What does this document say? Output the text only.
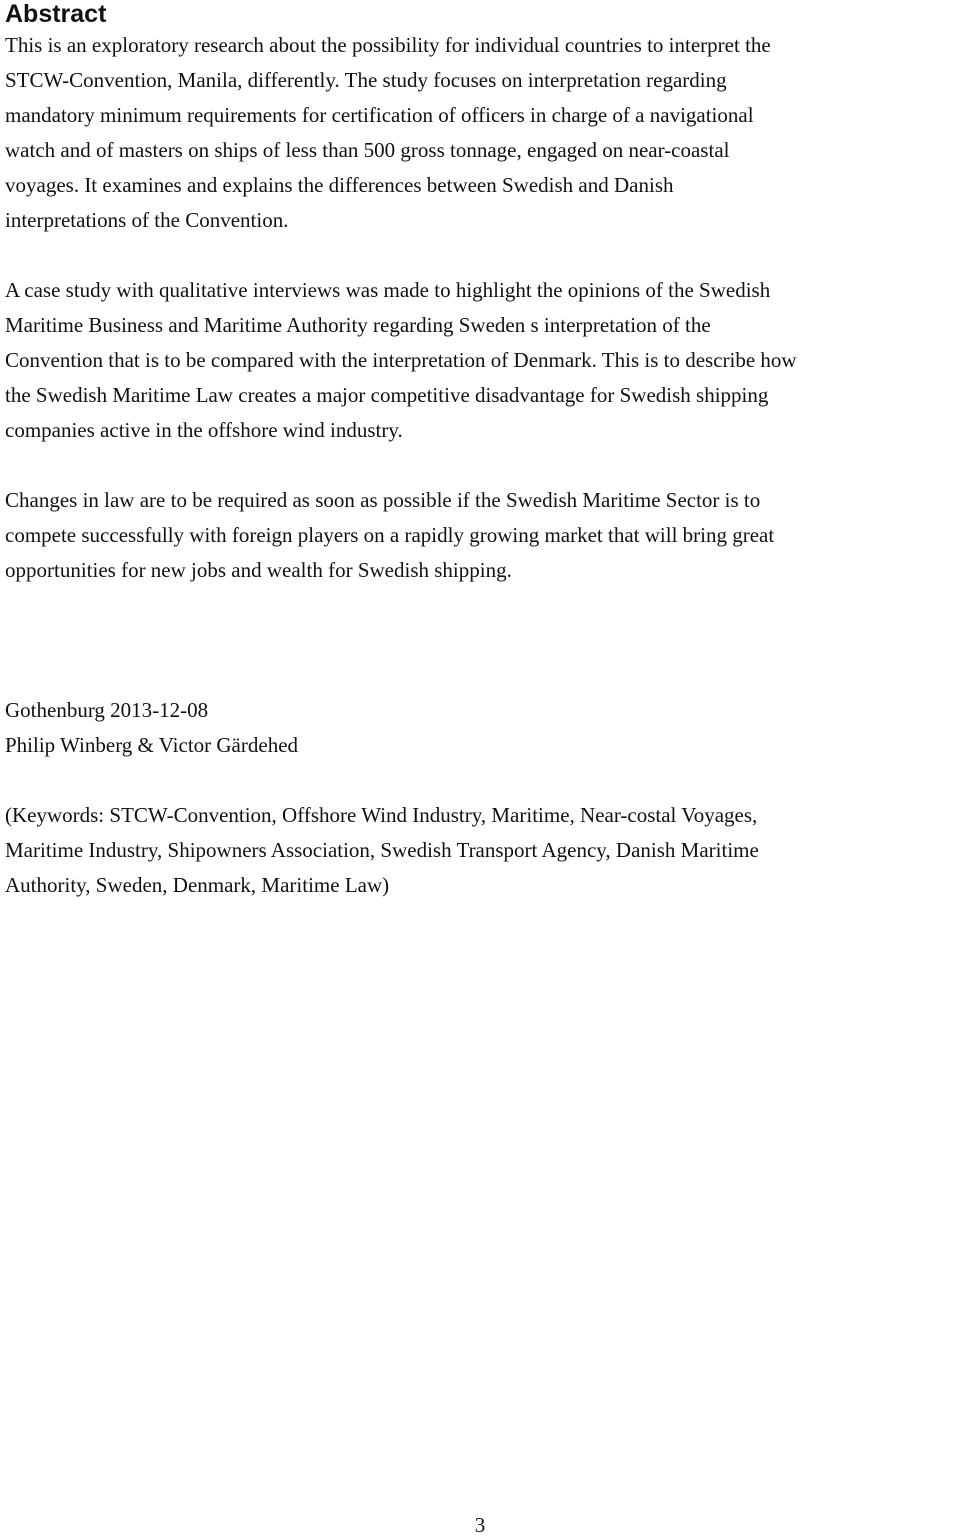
Abstract

This is an exploratory research about the possibility for individual countries to interpret the
STCW-Convention, Manila, differently. The study focuses on interpretation regarding
mandatory minimum requirements for certification of officers in charge of a navigational
watch and of masters on ships of less than 500 gross tonnage, engaged on near-coastal
voyages. It examines and explains the differences between Swedish and Danish
interpretations of the Convention.

A case study with qualitative interviews was made to highlight the opinions of the Swedish
Maritime Business and Maritime Authority regarding Sweden s interpretation of the
Convention that is to be compared with the interpretation of Denmark. This is to describe how
the Swedish Maritime Law creates a major competitive disadvantage for Swedish shipping
companies active in the offshore wind industry.

Changes in law are to be required as soon as possible if the Swedish Maritime Sector is to
compete successfully with foreign players on a rapidly growing market that will bring great
opportunities for new jobs and wealth for Swedish shipping.

Gothenburg 2013-12-08
Philip Winberg & Victor Gärdehed

(Keywords: STCW-Convention, Offshore Wind Industry, Maritime, Near-costal Voyages,
Maritime Industry, Shipowners Association, Swedish Transport Agency, Danish Maritime
Authority, Sweden, Denmark, Maritime Law)

3
